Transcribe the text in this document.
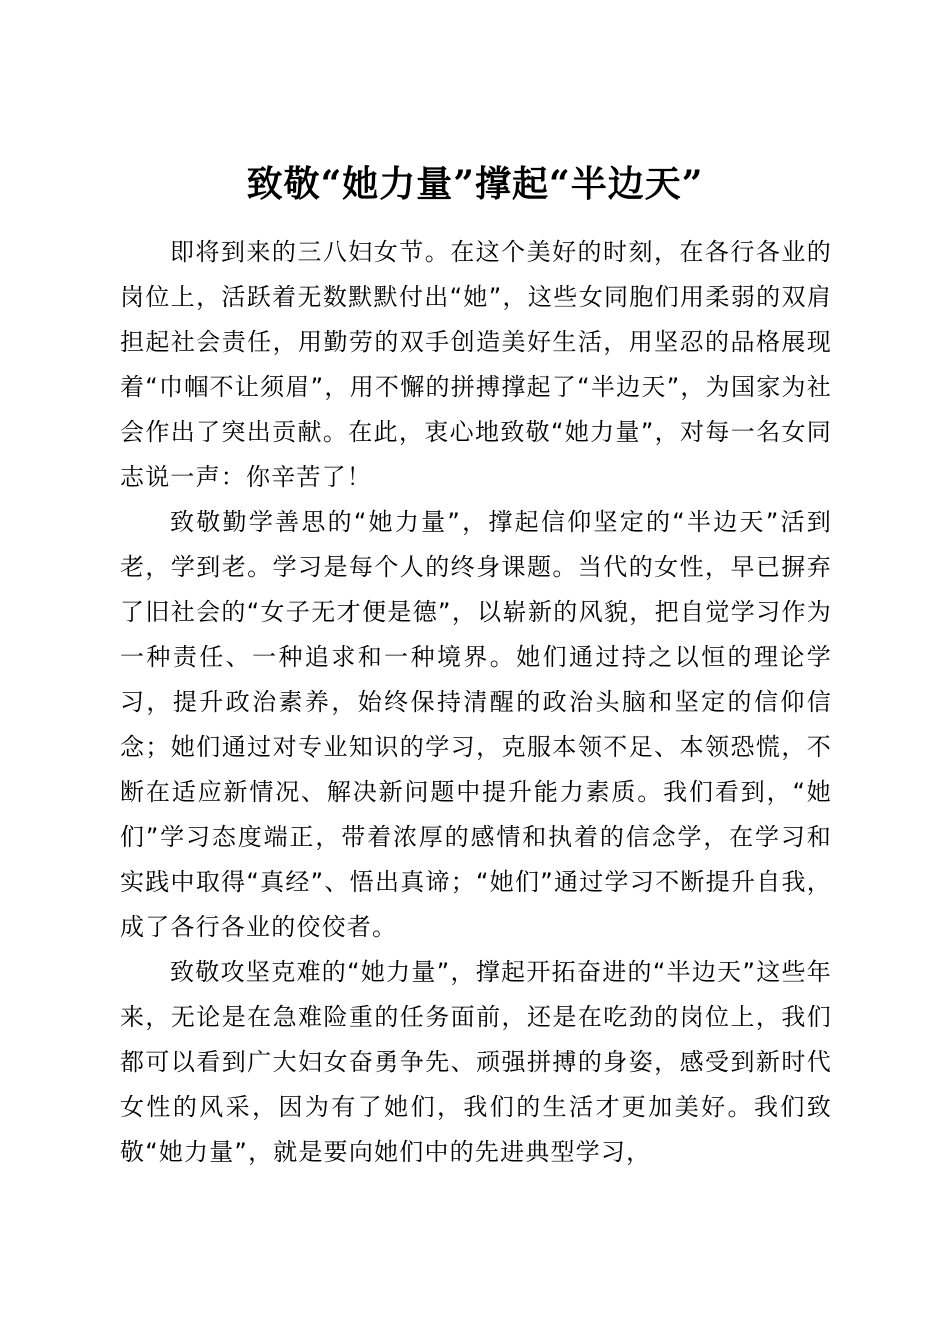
致敬“她力量”撑起“半边天”

即将到来的三八妇女节。在这个美好的时刻，在各行各业的岗位上，活跃着无数默默付出“她”，这些女同胞们用柔弱的双肩担起社会责任，用勤劳的双手创造美好生活，用坚忍的品格展现着“巾帼不让须眉”，用不懈的拼搏撑起了“半边天”，为国家为社会作出了突出贡献。在此，衷心地致敬“她力量”，对每一名女同志说一声：你辛苦了！

致敬勤学善思的“她力量”，撑起信仰坚定的“半边天”活到老，学到老。学习是每个人的终身课题。当代的女性，早已摒弃了旧社会的“女子无才便是德”，以崭新的风貌，把自觉学习作为一种责任、一种追求和一种境界。她们通过持之以恒的理论学习，提升政治素养，始终保持清醒的政治头脑和坚定的信仰信念；她们通过对专业知识的学习，克服本领不足、本领恐慌，不断在适应新情况、解决新问题中提升能力素质。我们看到，“她们”学习态度端正，带着浓厚的感情和执着的信念学，在学习和实践中取得“真经”、悟出真谛；“她们”通过学习不断提升自我，成了各行各业的佼佼者。

致敬攻坚克难的“她力量”，撑起开拓奋进的“半边天”这些年来，无论是在急难险重的任务面前，还是在吃劲的岗位上，我们都可以看到广大妇女奋勇争先、顽强拼搏的身姿，感受到新时代女性的风采，因为有了她们，我们的生活才更加美好。我们致敬“她力量”，就是要向她们中的先进典型学习，
